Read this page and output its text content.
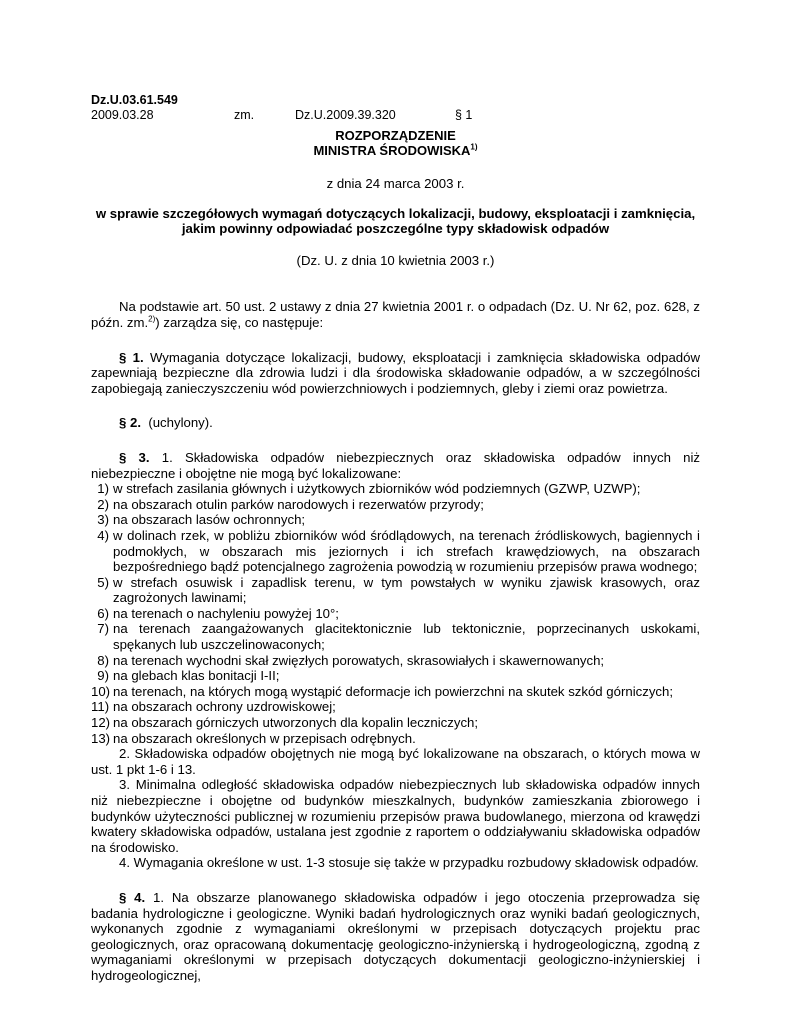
Dz.U.03.61.549
2009.03.28	zm.	Dz.U.2009.39.320	§ 1
ROZPORZĄDZENIE
MINISTRA ŚRODOWISKA$^{1)}$
z dnia 24 marca 2003 r.
w sprawie szczegółowych wymagań dotyczących lokalizacji, budowy, eksploatacji i zamknięcia,
jakim powinny odpowiadać poszczególne typy składowisk odpadów
(Dz. U. z dnia 10 kwietnia 2003 r.)

Na podstawie art. 50 ust. 2 ustawy z dnia 27 kwietnia 2001 r. o odpadach (Dz. U. Nr 62, poz. 628, z późn. zm.$^{2)}$) zarządza się, co następuje:

§ 1. Wymagania dotyczące lokalizacji, budowy, eksploatacji i zamknięcia składowiska odpadów zapewniają bezpieczne dla zdrowia ludzi i dla środowiska składowanie odpadów, a w szczególności zapobiegają zanieczyszczeniu wód powierzchniowych i podziemnych, gleby i ziemi oraz powietrza.

§ 2. (uchylony).

§ 3. 1. Składowiska odpadów niebezpiecznych oraz składowiska odpadów innych niż niebezpieczne i obojętne nie mogą być lokalizowane:

1) w strefach zasilania głównych i użytkowych zbiorników wód podziemnych (GZWP, UZWP);
2) na obszarach otulin parków narodowych i rezerwatów przyrody;
3) na obszarach lasów ochronnych;
4) w dolinach rzek, w pobliżu zbiorników wód śródlądowych, na terenach źródliskowych, bagiennych i podmokłych, w obszarach mis jeziornych i ich strefach krawędziowych, na obszarach bezpośredniego bądź potencjalnego zagrożenia powodzią w rozumieniu przepisów prawa wodnego;
5) w strefach osuwisk i zapadlisk terenu, w tym powstałych w wyniku zjawisk krasowych, oraz zagrożonych lawinami;
6) na terenach o nachyleniu powyżej 10°;
7) na terenach zaangażowanych glacitektonicznie lub tektonicznie, poprzecinanych uskokami, spękanych lub uszczelinowaconych;
8) na terenach wychodni skał zwięzłych porowatych, skrasowiałych i skawernowanych;
9) na glebach klas bonitacji I-II;
10) na terenach, na których mogą wystąpić deformacje ich powierzchni na skutek szkód górniczych;
11) na obszarach ochrony uzdrowiskowej;
12) na obszarach górniczych utworzonych dla kopalin leczniczych;
13) na obszarach określonych w przepisach odrębnych.

2. Składowiska odpadów obojętnych nie mogą być lokalizowane na obszarach, o których mowa w ust. 1 pkt 1-6 i 13.

3. Minimalna odległość składowiska odpadów niebezpiecznych lub składowiska odpadów innych niż niebezpieczne i obojętne od budynków mieszkalnych, budynków zamieszkania zbiorowego i budynków użyteczności publicznej w rozumieniu przepisów prawa budowlanego, mierzona od krawędzi kwatery składowiska odpadów, ustalana jest zgodnie z raportem o oddziaływaniu składowiska odpadów na środowisko.

4. Wymagania określone w ust. 1-3 stosuje się także w przypadku rozbudowy składowisk odpadów.

§ 4. 1. Na obszarze planowanego składowiska odpadów i jego otoczenia przeprowadza się badania hydrologiczne i geologiczne. Wyniki badań hydrologicznych oraz wyniki badań geologicznych, wykonanych zgodnie z wymaganiami określonymi w przepisach dotyczących projektu prac geologicznych, oraz opracowaną dokumentację geologiczno-inżynierską i hydrogeologiczną, zgodną z wymaganiami określonymi w przepisach dotyczących dokumentacji geologiczno-inżynierskiej i hydrogeologicznej,
